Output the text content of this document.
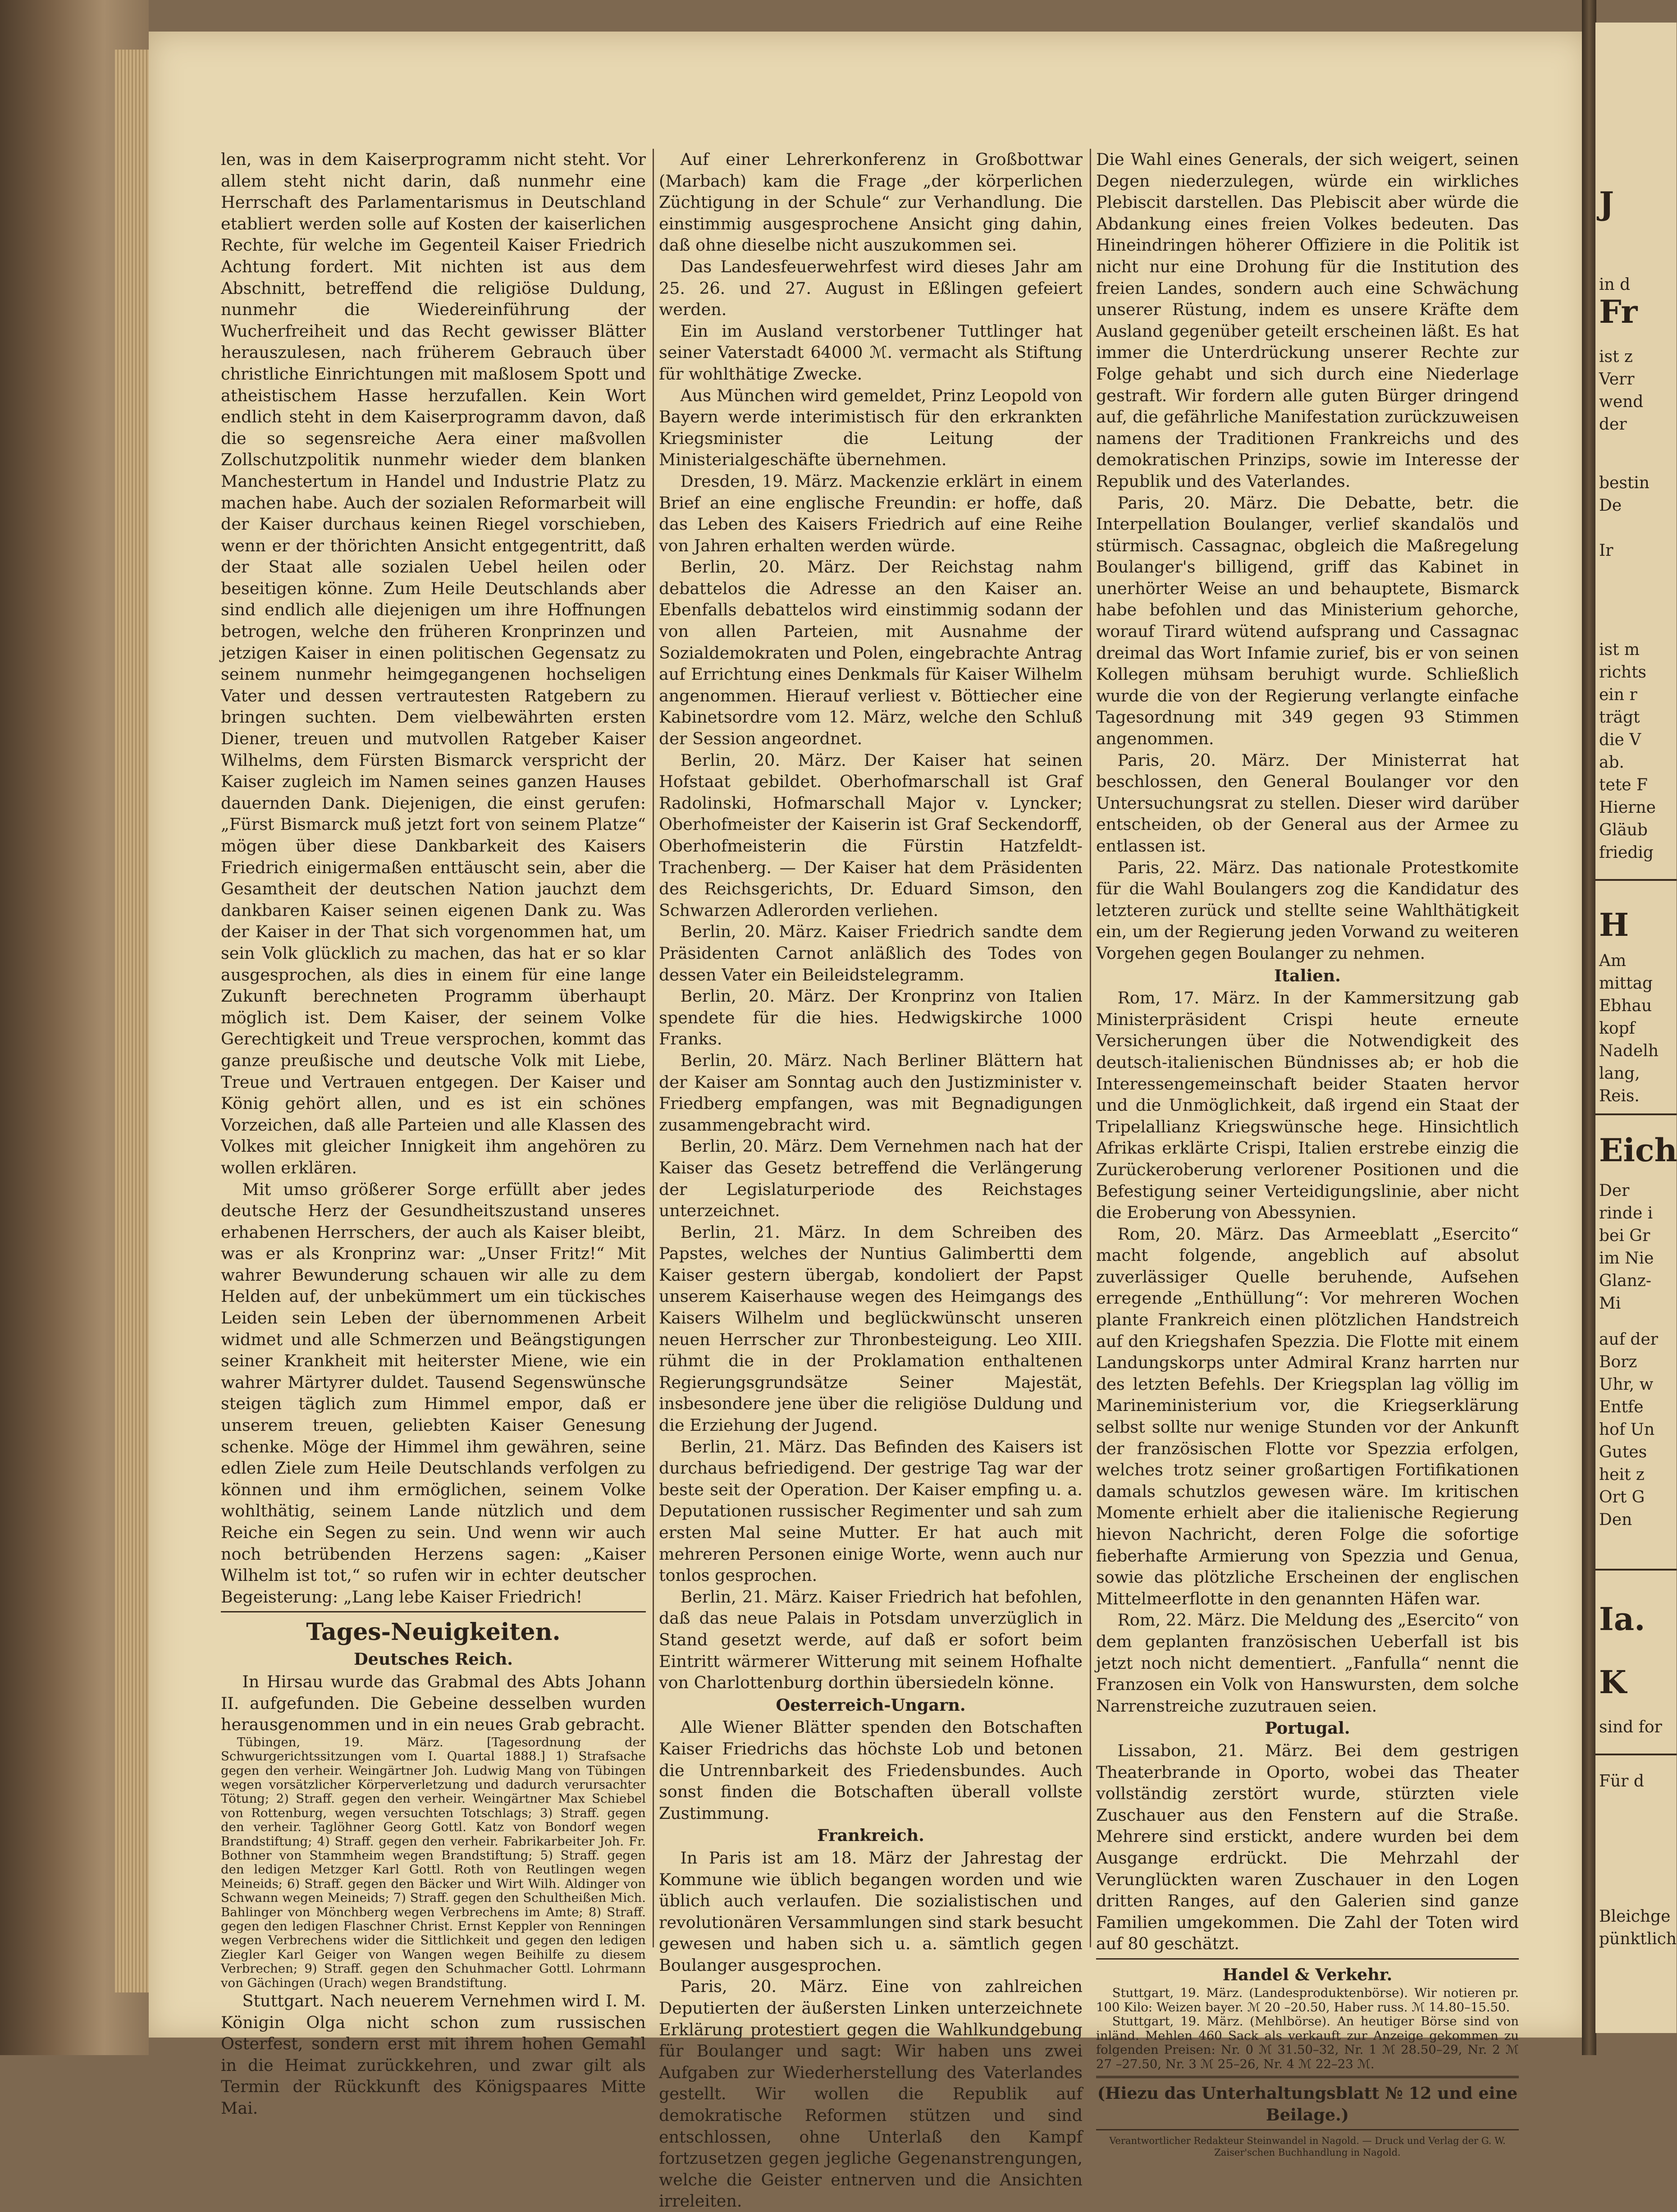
len, was in dem Kaiserprogramm nicht steht. Vor allem steht nicht darin, daß nunmehr eine Herrschaft des Parlamentarismus in Deutschland etabliert werden solle auf Kosten der kaiserlichen Rechte, für welche im Gegenteil Kaiser Friedrich Achtung fordert. Mit nichten ist aus dem Abschnitt, betreffend die religiöse Duldung, nunmehr die Wiedereinführung der Wucherfreiheit und das Recht gewisser Blätter herauszulesen, nach früherem Gebrauch über christliche Einrichtungen mit maßlosem Spott und atheistischem Hasse herzufallen. Kein Wort endlich steht in dem Kaiserprogramm davon, daß die so segensreiche Aera einer maßvollen Zollschutzpolitik nunmehr wieder dem blanken Manchestertum in Handel und Industrie Platz zu machen habe. Auch der sozialen Reformarbeit will der Kaiser durchaus keinen Riegel vorschieben, wenn er der thörichten Ansicht entgegentritt, daß der Staat alle sozialen Uebel heilen oder beseitigen könne. Zum Heile Deutschlands aber sind endlich alle diejenigen um ihre Hoffnungen betrogen, welche den früheren Kronprinzen und jetzigen Kaiser in einen politischen Gegensatz zu seinem nunmehr heimgegangenen hochseligen Vater und dessen vertrautesten Ratgebern zu bringen suchten. Dem vielbewährten ersten Diener, treuen und mutvollen Ratgeber Kaiser Wilhelms, dem Fürsten Bismarck verspricht der Kaiser zugleich im Namen seines ganzen Hauses dauernden Dank. Diejenigen, die einst gerufen: „Fürst Bismarck muß jetzt fort von seinem Platze“ mögen über diese Dankbarkeit des Kaisers Friedrich einigermaßen enttäuscht sein, aber die Gesamtheit der deutschen Nation jauchzt dem dankbaren Kaiser seinen eigenen Dank zu. Was der Kaiser in der That sich vorgenommen hat, um sein Volk glücklich zu machen, das hat er so klar ausgesprochen, als dies in einem für eine lange Zukunft berechneten Programm überhaupt möglich ist. Dem Kaiser, der seinem Volke Gerechtigkeit und Treue versprochen, kommt das ganze preußische und deutsche Volk mit Liebe, Treue und Vertrauen entgegen. Der Kaiser und König gehört allen, und es ist ein schönes Vorzeichen, daß alle Parteien und alle Klassen des Volkes mit gleicher Innigkeit ihm angehören zu wollen erklären.

Mit umso größerer Sorge erfüllt aber jedes deutsche Herz der Gesundheitszustand unseres erhabenen Herrschers, der auch als Kaiser bleibt, was er als Kronprinz war: „Unser Fritz!“ Mit wahrer Bewunderung schauen wir alle zu dem Helden auf, der unbekümmert um ein tückisches Leiden sein Leben der übernommenen Arbeit widmet und alle Schmerzen und Beängstigungen seiner Krankheit mit heiterster Miene, wie ein wahrer Märtyrer duldet. Tausend Segenswünsche steigen täglich zum Himmel empor, daß er unserem treuen, geliebten Kaiser Genesung schenke. Möge der Himmel ihm gewähren, seine edlen Ziele zum Heile Deutschlands verfolgen zu können und ihm ermöglichen, seinem Volke wohlthätig, seinem Lande nützlich und dem Reiche ein Segen zu sein. Und wenn wir auch noch betrübenden Herzens sagen: „Kaiser Wilhelm ist tot,“ so rufen wir in echter deutscher Begeisterung: „Lang lebe Kaiser Friedrich!

Tages-Neuigkeiten.
Deutsches Reich.

In Hirsau wurde das Grabmal des Abts Johann II. aufgefunden. Die Gebeine desselben wurden herausgenommen und in ein neues Grab gebracht.

Tübingen, 19. März. [Tagesordnung der Schwurgerichtssitzungen vom I. Quartal 1888.] 1) Strafsache gegen den verheir. Weingärtner Joh. Ludwig Mang von Tübingen wegen vorsätzlicher Körperverletzung und dadurch verursachter Tötung; 2) Straff. gegen den verheir. Weingärtner Max Schiebel von Rottenburg, wegen versuchten Totschlags; 3) Straff. gegen den verheir. Taglöhner Georg Gottl. Katz von Bondorf wegen Brandstiftung; 4) Straff. gegen den verheir. Fabrikarbeiter Joh. Fr. Bothner von Stammheim wegen Brandstiftung; 5) Straff. gegen den ledigen Metzger Karl Gottl. Roth von Reutlingen wegen Meineids; 6) Straff. gegen den Bäcker und Wirt Wilh. Aldinger von Schwann wegen Meineids; 7) Straff. gegen den Schultheißen Mich. Bahlinger von Mönchberg wegen Verbrechens im Amte; 8) Straff. gegen den ledigen Flaschner Christ. Ernst Keppler von Renningen wegen Verbrechens wider die Sittlichkeit und gegen den ledigen Ziegler Karl Geiger von Wangen wegen Beihilfe zu diesem Verbrechen; 9) Straff. gegen den Schuhmacher Gottl. Lohrmann von Gächingen (Urach) wegen Brandstiftung.

Stuttgart. Nach neuerem Vernehmen wird I. M. Königin Olga nicht schon zum russischen Osterfest, sondern erst mit ihrem hohen Gemahl in die Heimat zurückkehren, und zwar gilt als Termin der Rückkunft des Königspaares Mitte Mai.

Auf einer Lehrerkonferenz in Großbottwar (Marbach) kam die Frage „der körperlichen Züchtigung in der Schule“ zur Verhandlung. Die einstimmig ausgesprochene Ansicht ging dahin, daß ohne dieselbe nicht auszukommen sei.

Das Landesfeuerwehrfest wird dieses Jahr am 25. 26. und 27. August in Eßlingen gefeiert werden.

Ein im Ausland verstorbener Tuttlinger hat seiner Vaterstadt 64000 ℳ. vermacht als Stiftung für wohlthätige Zwecke.

Aus München wird gemeldet, Prinz Leopold von Bayern werde interimistisch für den erkrankten Kriegsminister die Leitung der Ministerialgeschäfte übernehmen.

Dresden, 19. März. Mackenzie erklärt in einem Brief an eine englische Freundin: er hoffe, daß das Leben des Kaisers Friedrich auf eine Reihe von Jahren erhalten werden würde.

Berlin, 20. März. Der Reichstag nahm debattelos die Adresse an den Kaiser an. Ebenfalls debattelos wird einstimmig sodann der von allen Parteien, mit Ausnahme der Sozialdemokraten und Polen, eingebrachte Antrag auf Errichtung eines Denkmals für Kaiser Wilhelm angenommen. Hierauf verliest v. Böttiecher eine Kabinetsordre vom 12. März, welche den Schluß der Session angeordnet.

Berlin, 20. März. Der Kaiser hat seinen Hofstaat gebildet. Oberhofmarschall ist Graf Radolinski, Hofmarschall Major v. Lyncker; Oberhofmeister der Kaiserin ist Graf Seckendorff, Oberhofmeisterin die Fürstin Hatzfeldt-Trachenberg. — Der Kaiser hat dem Präsidenten des Reichsgerichts, Dr. Eduard Simson, den Schwarzen Adlerorden verliehen.

Berlin, 20. März. Kaiser Friedrich sandte dem Präsidenten Carnot anläßlich des Todes von dessen Vater ein Beileidstelegramm.

Berlin, 20. März. Der Kronprinz von Italien spendete für die hies. Hedwigskirche 1000 Franks.

Berlin, 20. März. Nach Berliner Blättern hat der Kaiser am Sonntag auch den Justizminister v. Friedberg empfangen, was mit Begnadigungen zusammengebracht wird.

Berlin, 20. März. Dem Vernehmen nach hat der Kaiser das Gesetz betreffend die Verlängerung der Legislaturperiode des Reichstages unterzeichnet.

Berlin, 21. März. In dem Schreiben des Papstes, welches der Nuntius Galimbertti dem Kaiser gestern übergab, kondoliert der Papst unserem Kaiserhause wegen des Heimgangs des Kaisers Wilhelm und beglückwünscht unseren neuen Herrscher zur Thronbesteigung. Leo XIII. rühmt die in der Proklamation enthaltenen Regierungsgrundsätze Seiner Majestät, insbesondere jene über die religiöse Duldung und die Erziehung der Jugend.

Berlin, 21. März. Das Befinden des Kaisers ist durchaus befriedigend. Der gestrige Tag war der beste seit der Operation. Der Kaiser empfing u. a. Deputationen russischer Regimenter und sah zum ersten Mal seine Mutter. Er hat auch mit mehreren Personen einige Worte, wenn auch nur tonlos gesprochen.

Berlin, 21. März. Kaiser Friedrich hat befohlen, daß das neue Palais in Potsdam unverzüglich in Stand gesetzt werde, auf daß er sofort beim Eintritt wärmerer Witterung mit seinem Hofhalte von Charlottenburg dorthin übersiedeln könne.

Oesterreich-Ungarn.

Alle Wiener Blätter spenden den Botschaften Kaiser Friedrichs das höchste Lob und betonen die Untrennbarkeit des Friedensbundes. Auch sonst finden die Botschaften überall vollste Zustimmung.

Frankreich.

In Paris ist am 18. März der Jahrestag der Kommune wie üblich begangen worden und wie üblich auch verlaufen. Die sozialistischen und revolutionären Versammlungen sind stark besucht gewesen und haben sich u. a. sämtlich gegen Boulanger ausgesprochen.

Paris, 20. März. Eine von zahlreichen Deputierten der äußersten Linken unterzeichnete Erklärung protestiert gegen die Wahlkundgebung für Boulanger und sagt: Wir haben uns zwei Aufgaben zur Wiederherstellung des Vaterlandes gestellt. Wir wollen die Republik auf demokratische Reformen stützen und sind entschlossen, ohne Unterlaß den Kampf fortzusetzen gegen jegliche Gegenanstrengungen, welche die Geister entnerven und die Ansichten irreleiten.

Die Wahl eines Generals, der sich weigert, seinen Degen niederzulegen, würde ein wirkliches Plebiscit darstellen. Das Plebiscit aber würde die Abdankung eines freien Volkes bedeuten. Das Hineindringen höherer Offiziere in die Politik ist nicht nur eine Drohung für die Institution des freien Landes, sondern auch eine Schwächung unserer Rüstung, indem es unsere Kräfte dem Ausland gegenüber geteilt erscheinen läßt. Es hat immer die Unterdrückung unserer Rechte zur Folge gehabt und sich durch eine Niederlage gestraft. Wir fordern alle guten Bürger dringend auf, die gefährliche Manifestation zurückzuweisen namens der Traditionen Frankreichs und des demokratischen Prinzips, sowie im Interesse der Republik und des Vaterlandes.

Paris, 20. März. Die Debatte, betr. die Interpellation Boulanger, verlief skandalös und stürmisch. Cassagnac, obgleich die Maßregelung Boulanger's billigend, griff das Kabinet in unerhörter Weise an und behauptete, Bismarck habe befohlen und das Ministerium gehorche, worauf Tirard wütend aufsprang und Cassagnac dreimal das Wort Infamie zurief, bis er von seinen Kollegen mühsam beruhigt wurde. Schließlich wurde die von der Regierung verlangte einfache Tagesordnung mit 349 gegen 93 Stimmen angenommen.

Paris, 20. März. Der Ministerrat hat beschlossen, den General Boulanger vor den Untersuchungsrat zu stellen. Dieser wird darüber entscheiden, ob der General aus der Armee zu entlassen ist.

Paris, 22. März. Das nationale Protestkomite für die Wahl Boulangers zog die Kandidatur des letzteren zurück und stellte seine Wahlthätigkeit ein, um der Regierung jeden Vorwand zu weiteren Vorgehen gegen Boulanger zu nehmen.

Italien.

Rom, 17. März. In der Kammersitzung gab Ministerpräsident Crispi heute erneute Versicherungen über die Notwendigkeit des deutsch-italienischen Bündnisses ab; er hob die Interessengemeinschaft beider Staaten hervor und die Unmöglichkeit, daß irgend ein Staat der Tripelallianz Kriegswünsche hege. Hinsichtlich Afrikas erklärte Crispi, Italien erstrebe einzig die Zurückeroberung verlorener Positionen und die Befestigung seiner Verteidigungslinie, aber nicht die Eroberung von Abessynien.

Rom, 20. März. Das Armeeblatt „Esercito“ macht folgende, angeblich auf absolut zuverlässiger Quelle beruhende, Aufsehen erregende „Enthüllung“: Vor mehreren Wochen plante Frankreich einen plötzlichen Handstreich auf den Kriegshafen Spezzia. Die Flotte mit einem Landungskorps unter Admiral Kranz harrten nur des letzten Befehls. Der Kriegsplan lag völlig im Marineministerium vor, die Kriegserklärung selbst sollte nur wenige Stunden vor der Ankunft der französischen Flotte vor Spezzia erfolgen, welches trotz seiner großartigen Fortifikationen damals schutzlos gewesen wäre. Im kritischen Momente erhielt aber die italienische Regierung hievon Nachricht, deren Folge die sofortige fieberhafte Armierung von Spezzia und Genua, sowie das plötzliche Erscheinen der englischen Mittelmeerflotte in den genannten Häfen war.

Rom, 22. März. Die Meldung des „Esercito“ von dem geplanten französischen Ueberfall ist bis jetzt noch nicht dementiert. „Fanfulla“ nennt die Franzosen ein Volk von Hanswursten, dem solche Narrenstreiche zuzutrauen seien.

Portugal.

Lissabon, 21. März. Bei dem gestrigen Theaterbrande in Oporto, wobei das Theater vollständig zerstört wurde, stürzten viele Zuschauer aus den Fenstern auf die Straße. Mehrere sind erstickt, andere wurden bei dem Ausgange erdrückt. Die Mehrzahl der Verunglückten waren Zuschauer in den Logen dritten Ranges, auf den Galerien sind ganze Familien umgekommen. Die Zahl der Toten wird auf 80 geschätzt.

Handel & Verkehr.

Stuttgart, 19. März. (Landesproduktenbörse). Wir notieren pr. 100 Kilo: Weizen bayer. ℳ 20 –20.50, Haber russ. ℳ 14.80–15.50.

Stuttgart, 19. März. (Mehlbörse). An heutiger Börse sind von inländ. Mehlen 460 Sack als verkauft zur Anzeige gekommen zu folgenden Preisen: Nr. 0 ℳ 31.50–32, Nr. 1 ℳ 28.50–29, Nr. 2 ℳ 27 –27.50, Nr. 3 ℳ 25–26, Nr. 4 ℳ 22–23 ℳ.

(Hiezu das Unterhaltungsblatt № 12 und eine Beilage.)

Verantwortlicher Redakteur Steinwandel in Nagold. — Druck und Verlag der G. W. Zaiser'schen Buchhandlung in Nagold.

J
in d
Fr
ist z
Verr
wend
der
bestin
De
Ir
ist m
richts
ein r
trägt
die V
ab.
tete F
Hierne
Gläub
friedig
H
Am
mittag
Ebhau
kopf
Nadelh
lang,
Reis.
Eich
Der
rinde i
bei Gr
im Nie
Glanz-
Mi
auf der
Borz
Uhr, w
Entfe
hof Un
Gutes
heit z
Ort G
Den
Ia.
K
sind for
Für d
Bleichge
pünktlich
